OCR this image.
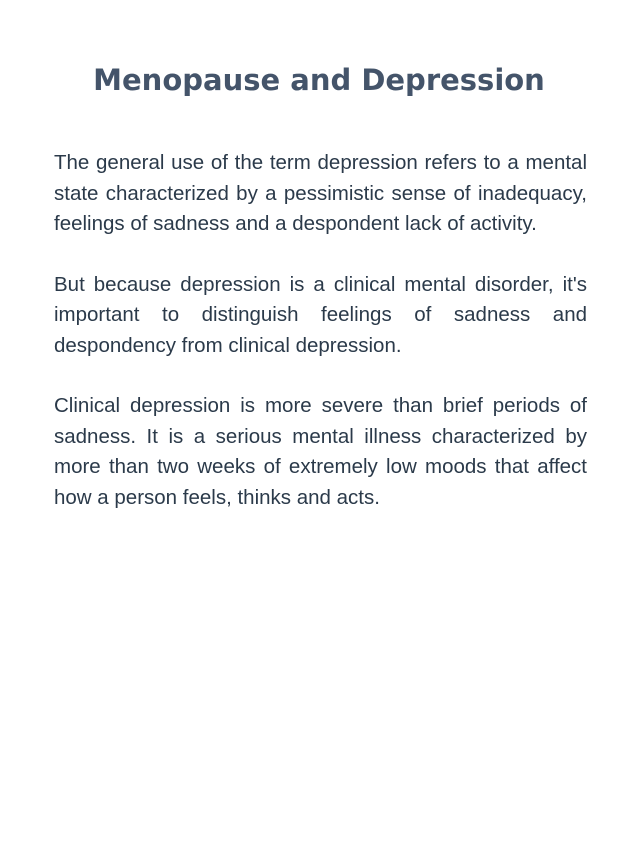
Menopause and Depression

The general use of the term depression refers to a mental state characterized by a pessimistic sense of inadequacy, feelings of sadness and a despondent lack of activity.

But because depression is a clinical mental disorder, it's important to distinguish feelings of sadness and despondency from clinical depression.

Clinical depression is more severe than brief periods of sadness. It is a serious mental illness characterized by more than two weeks of extremely low moods that affect how a person feels, thinks and acts.
